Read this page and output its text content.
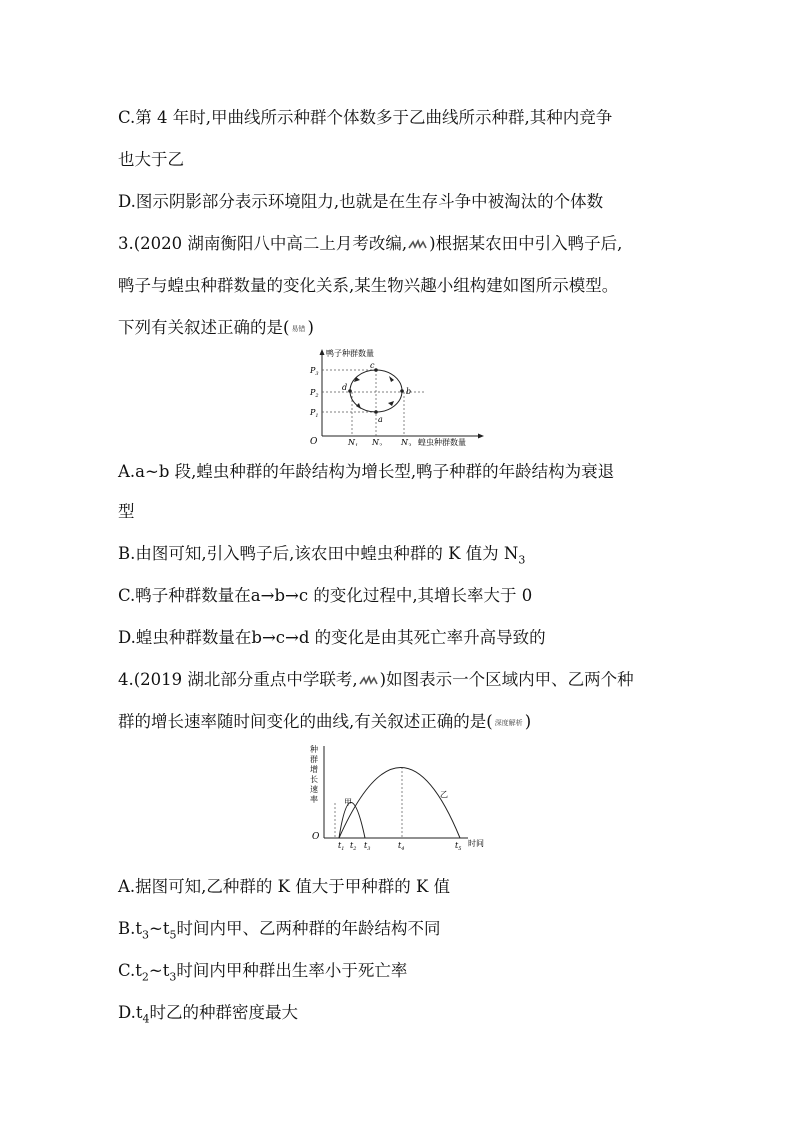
C.第 4 年时,甲曲线所示种群个体数多于乙曲线所示种群,其种内竞争
也大于乙
D.图示阴影部分表示环境阻力,也就是在生存斗争中被淘汰的个体数
3.(2020 湖南衡阳八中高二上月考改编, )根据某农田中引入鸭子后,
鸭子与蝗虫种群数量的变化关系,某生物兴趣小组构建如图所示模型。
下列有关叙述正确的是( 易错 )
鸭子种群数量
蝗虫种群数量
O
a
b
c
d
$P_3$
$P_2$
$P_1$
$N_1$ $N_2$ $N_3$
A.a~b 段,蝗虫种群的年龄结构为增长型,鸭子种群的年龄结构为衰退
型
B.由图可知,引入鸭子后,该农田中蝗虫种群的 K 值为 $N_3$
C.鸭子种群数量在a→b→c 的变化过程中,其增长率大于 0
D.蝗虫种群数量在b→c→d 的变化是由其死亡率升高导致的
4.(2019 湖北部分重点中学联考, )如图表示一个区域内甲、乙两个种
群的增长速率随时间变化的曲线,有关叙述正确的是( 深度解析 )
种
群
增
长
速
率
O
时间
甲
乙
$t_1$ $t_2$ $t_3$	$t_4$	$t_5$
A.据图可知,乙种群的 K 值大于甲种群的 K 值
$B.t_3\sim t_5$时间内甲、乙两种群的年龄结构不同
$C.t_2\sim t_3$时间内甲种群出生率小于死亡率
$D.t_4$时乙的种群密度最大
